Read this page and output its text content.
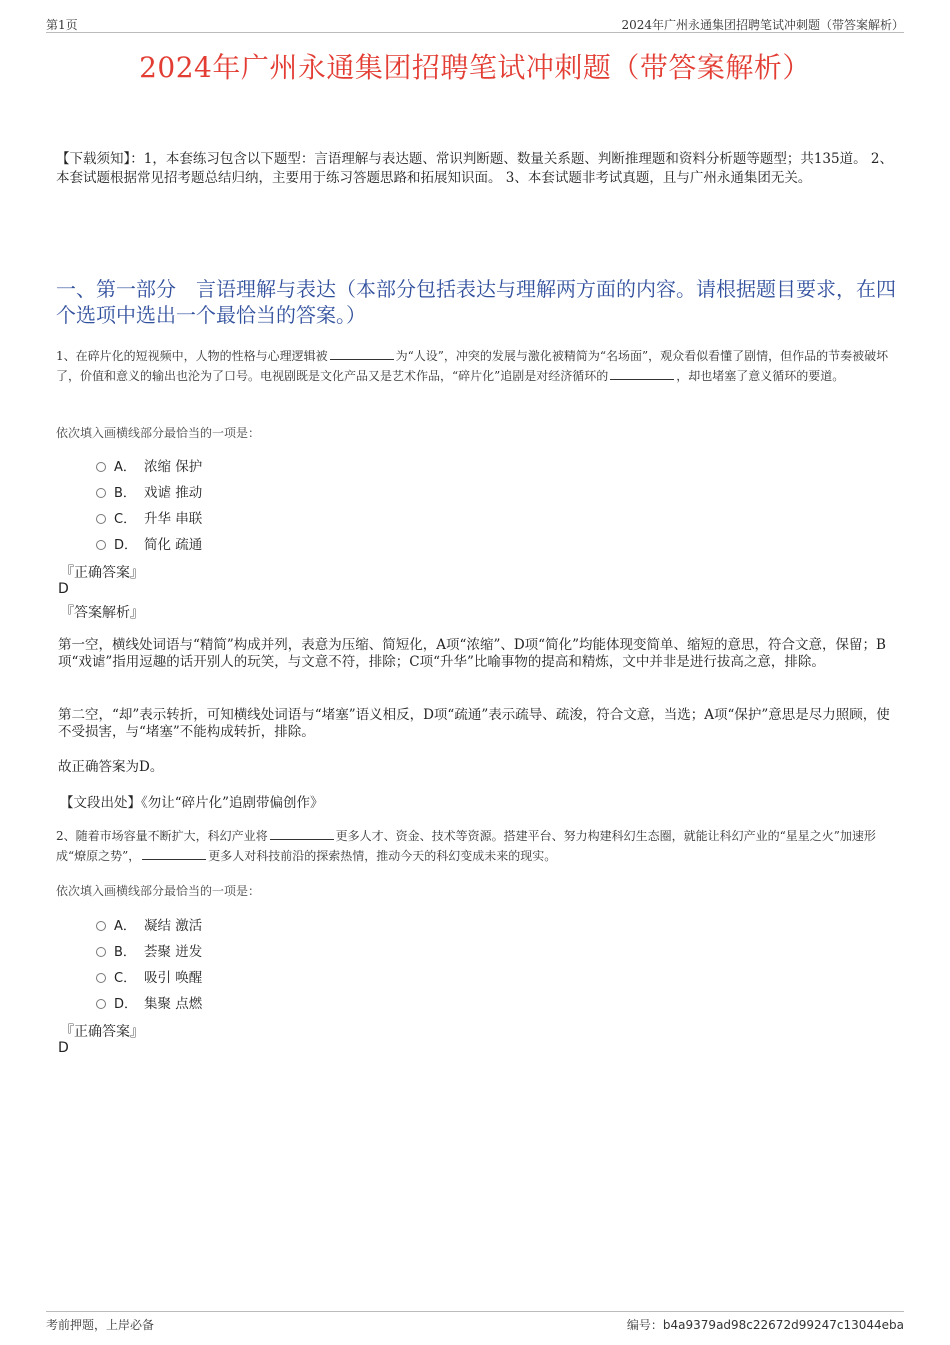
第1页	2024年广州永通集团招聘笔试冲刺题（带答案解析）
2024年广州永通集团招聘笔试冲刺题（带答案解析）
【下载须知】：1，本套练习包含以下题型：言语理解与表达题、常识判断题、数量关系题、判断推理题和资料分析题等题型；共135道。 2、本套试题根据常见招考题总结归纳，主要用于练习答题思路和拓展知识面。 3、本套试题非考试真题，且与广州永通集团无关。
一、第一部分　言语理解与表达（本部分包括表达与理解两方面的内容。请根据题目要求，在四个选项中选出一个最恰当的答案。）
1、在碎片化的短视频中，人物的性格与心理逻辑被	为“人设”，冲突的发展与激化被精简为“名场面”，观众看似看懂了剧情，但作品的节奏被破坏了，价值和意义的输出也沦为了口号。电视剧既是文化产品又是艺术作品，“碎片化”追剧是对经济循环的	，却也堵塞了意义循环的要道。
依次填入画横线部分最恰当的一项是：
A． 浓缩 保护
B． 戏谑 推动
C． 升华 串联
D． 简化 疏通
『正确答案』
D
『答案解析』
第一空，横线处词语与“精简”构成并列，表意为压缩、简短化，A项“浓缩”、D项“简化”均能体现变简单、缩短的意思，符合文意，保留；B项“戏谑”指用逗趣的话开别人的玩笑，与文意不符，排除；C项“升华”比喻事物的提高和精炼，文中并非是进行拔高之意，排除。
第二空，“却”表示转折，可知横线处词语与“堵塞”语义相反，D项“疏通”表示疏导、疏浚，符合文意，当选；A项“保护”意思是尽力照顾，使不受损害，与“堵塞”不能构成转折，排除。
故正确答案为D。
【文段出处】《勿让“碎片化”追剧带偏创作》
2、随着市场容量不断扩大，科幻产业将	更多人才、资金、技术等资源。搭建平台、努力构建科幻生态圈，就能让科幻产业的“星星之火”加速形成“燎原之势”，	更多人对科技前沿的探索热情，推动今天的科幻变成未来的现实。
依次填入画横线部分最恰当的一项是：
A． 凝结 激活
B． 荟聚 迸发
C． 吸引 唤醒
D． 集聚 点燃
『正确答案』
D
考前押题，上岸必备	编号：b4a9379ad98c22672d99247c13044eba
